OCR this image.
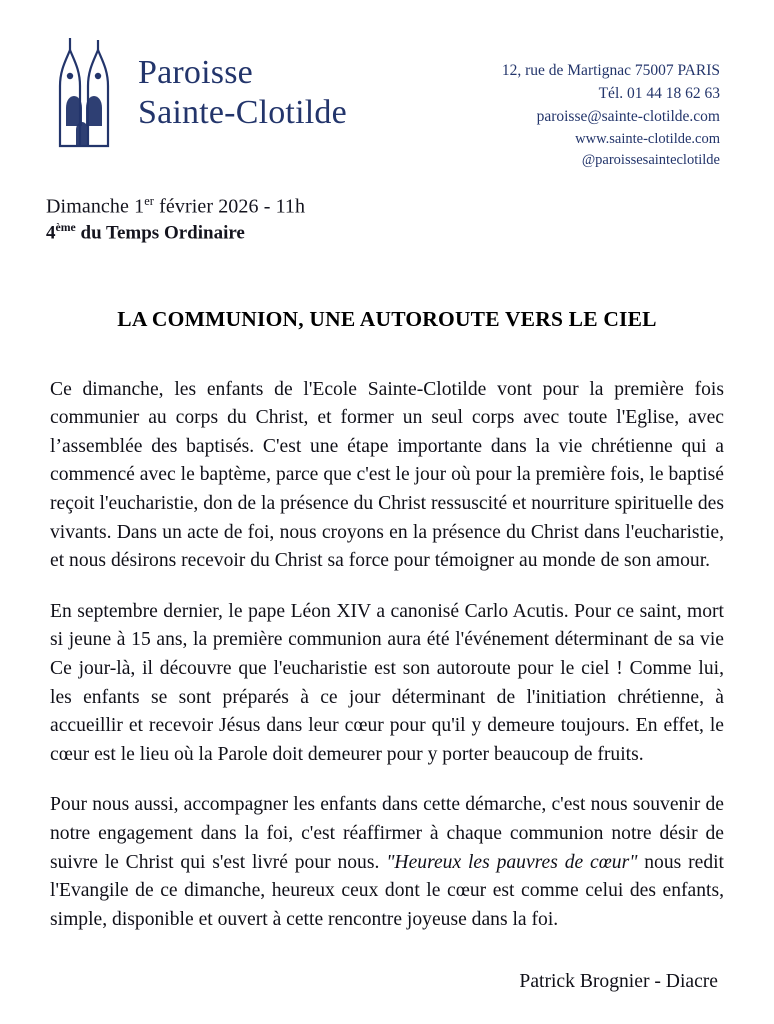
Paroisse
Sainte-Clotilde
12, rue de Martignac 75007 PARIS
Tél. 01 44 18 62 63
paroisse@sainte-clotilde.com
www.sainte-clotilde.com
@paroissesainteclotilde
Dimanche 1er février 2026 - 11h
4ème du Temps Ordinaire
LA COMMUNION, UNE AUTOROUTE VERS LE CIEL

Ce dimanche, les enfants de l'Ecole Sainte-Clotilde vont pour la première fois communier au corps du Christ, et former un seul corps avec toute l'Eglise, avec l’assemblée des baptisés. C'est une étape importante dans la vie chrétienne qui a commencé avec le baptème, parce que c'est le jour où pour la première fois, le baptisé reçoit l'eucharistie, don de la présence du Christ ressuscité et nourriture spirituelle des vivants. Dans un acte de foi, nous croyons en la présence du Christ dans l'eucharistie, et nous désirons recevoir du Christ sa force pour témoigner au monde de son amour.

En septembre dernier, le pape Léon XIV a canonisé Carlo Acutis. Pour ce saint, mort si jeune à 15 ans, la première communion aura été l'événement déterminant de sa vie Ce jour-là, il découvre que l'eucharistie est son autoroute pour le ciel ! Comme lui, les enfants se sont préparés à ce jour déterminant de l'initiation chrétienne, à accueillir et recevoir Jésus dans leur cœur pour qu'il y demeure toujours. En effet, le cœur est le lieu où la Parole doit demeurer pour y porter beaucoup de fruits.

Pour nous aussi, accompagner les enfants dans cette démarche, c'est nous souvenir de notre engagement dans la foi, c'est réaffirmer à chaque communion notre désir de suivre le Christ qui s'est livré pour nous. "Heureux les pauvres de cœur" nous redit l'Evangile de ce dimanche, heureux ceux dont le cœur est comme celui des enfants, simple, disponible et ouvert à cette rencontre joyeuse dans la foi.

Patrick Brognier - Diacre
